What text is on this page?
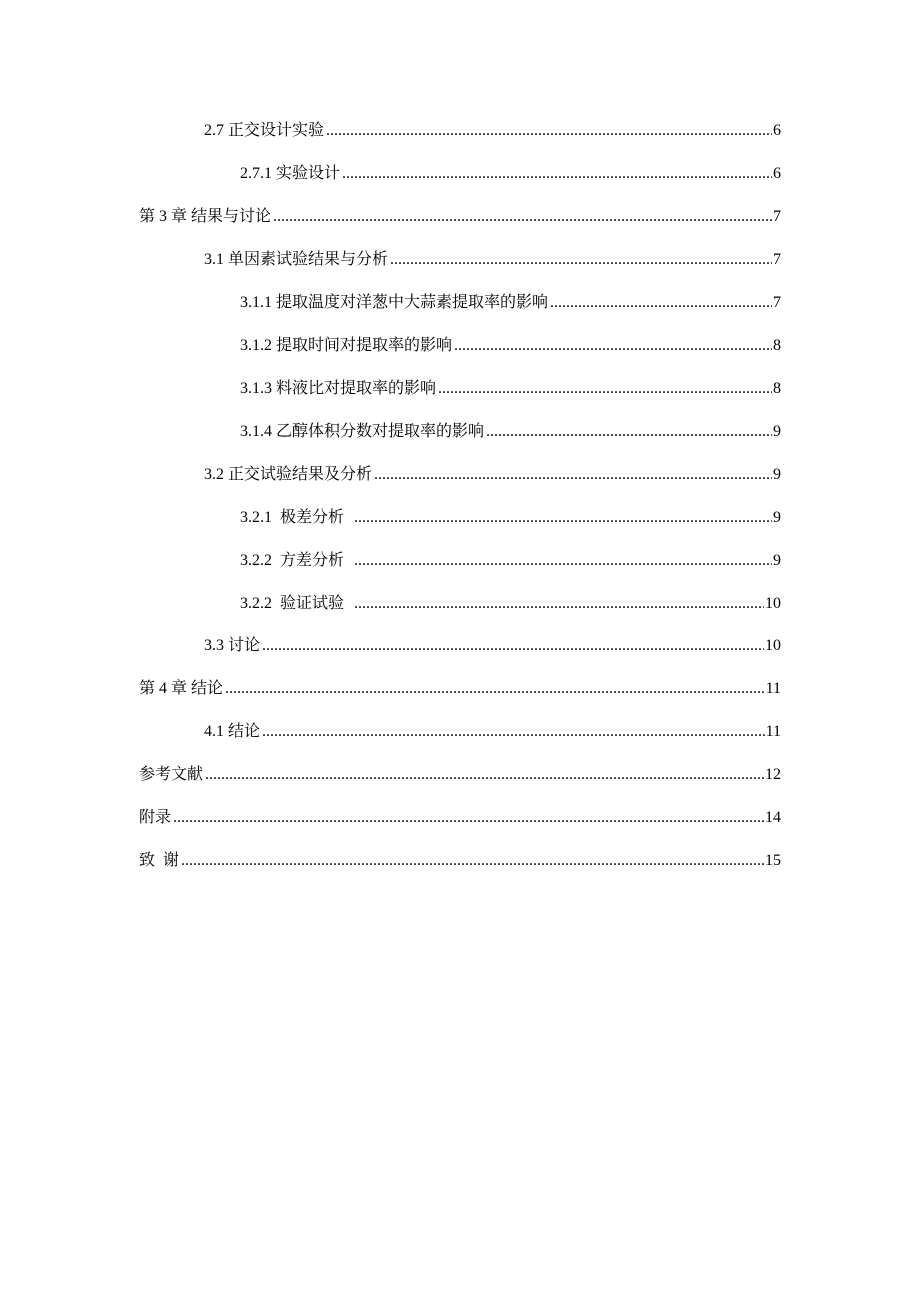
2.7 正交设计实验 .....	6
2.7.1 实验设计 .....	6
第 3 章 结果与讨论 .....	7
3.1 单因素试验结果与分析 .....	7
3.1.1 提取温度对洋葱中大蒜素提取率的影响 .....	7
3.1.2 提取时间对提取率的影响 .....	8
3.1.3 料液比对提取率的影响 .....	8
3.1.4 乙醇体积分数对提取率的影响 .....	9
3.2 正交试验结果及分析 .....	9
3.2.1  极差分析 .....	9
3.2.2  方差分析 .....	9
3.2.2  验证试验 .....	10
3.3 讨论 .....	10
第 4 章 结论 .....	11
4.1 结论 .....	11
参考文献 .....	12
附录 .....	14
致  谢 .....	15
